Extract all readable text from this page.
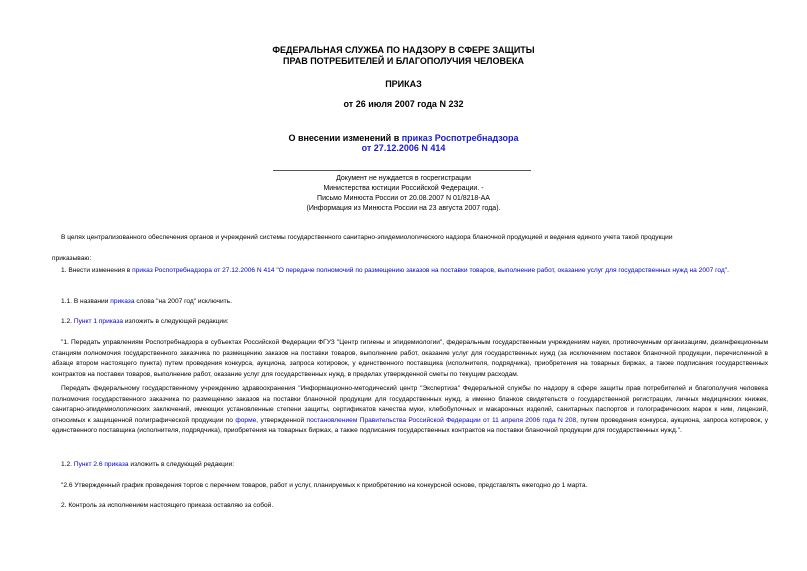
ФЕДЕРАЛЬНАЯ СЛУЖБА ПО НАДЗОРУ В СФЕРЕ ЗАЩИТЫ
ПРАВ ПОТРЕБИТЕЛЕЙ И БЛАГОПОЛУЧИЯ ЧЕЛОВЕКА
ПРИКАЗ
от 26 июля 2007 года N 232
О внесении изменений в приказ Роспотребнадзора
от 27.12.2006 N 414
Документ не нуждается в госрегистрации
Министерства юстиции Российской Федерации. -
Письмо Минюста России от 20.08.2007 N 01/8218-АА
(Информация из Минюста России на 23 августа 2007 года).
В целях централизованного обеспечения органов и учреждений системы государственного санитарно-эпидемиологического надзора бланочной продукцией и ведения единого учета такой продукции
приказываю:
1. Внести изменения в приказ Роспотребнадзора от 27.12.2006 N 414 "О передаче полномочий по размещению заказов на поставки товаров, выполнение работ, оказание услуг для государственных нужд на 2007 год".
1.1. В названии приказа слова "на 2007 год" исключить.
1.2. Пункт 1 приказа изложить в следующей редакции:
"1. Передать управлениям Роспотребнадзора в субъектах Российской Федерации ФГУЗ "Центр гигиены и эпидемиологии", федеральным государственным учреждениям науки, противочумным организациям, дезинфекционным станциям полномочия государственного заказчика по размещению заказов на поставки товаров, выполнение работ, оказание услуг для государственных нужд (за исключением поставок бланочной продукции, перечисленной в абзаце втором настоящего пункта) путем проведения конкурса, аукциона, запроса котировок, у единственного поставщика (исполнителя, подрядчика), приобретения на товарных биржах, а также подписания государственных контрактов на поставки товаров, выполнение работ, оказание услуг для государственных нужд, в пределах утвержденной сметы по текущим расходам.
Передать федеральному государственному учреждению здравоохранения "Информационно-методический центр "Экспертиза" Федеральной службы по надзору в сфере защиты прав потребителей и благополучия человека полномочия государственного заказчика по размещению заказов на поставки бланочной продукции для государственных нужд, а именно бланков свидетельств о государственной регистрации, личных медицинских книжек, санитарно-эпидемиологических заключений, имеющих установленные степени защиты, сертификатов качества муки, хлебобулочных и макаронных изделий, санитарных паспортов и голографических марок к ним, лицензий, относимых к защищенной полиграфической продукции по форме, утвержденной постановлением Правительства Российской Федерации от 11 апреля 2006 года N 208, путем проведения конкурса, аукциона, запроса котировок, у единственного поставщика (исполнителя, подрядчика), приобретения на товарных биржах, а также подписания государственных контрактов на поставки бланочной продукции для государственных нужд.".
1.2. Пункт 2.6 приказа изложить в следующей редакции:
"2.6 Утвержденный график проведения торгов с перечнем товаров, работ и услуг, планируемых к приобретению на конкурсной основе, представлять ежегодно до 1 марта.
2. Контроль за исполнением настоящего приказа оставляю за собой.
